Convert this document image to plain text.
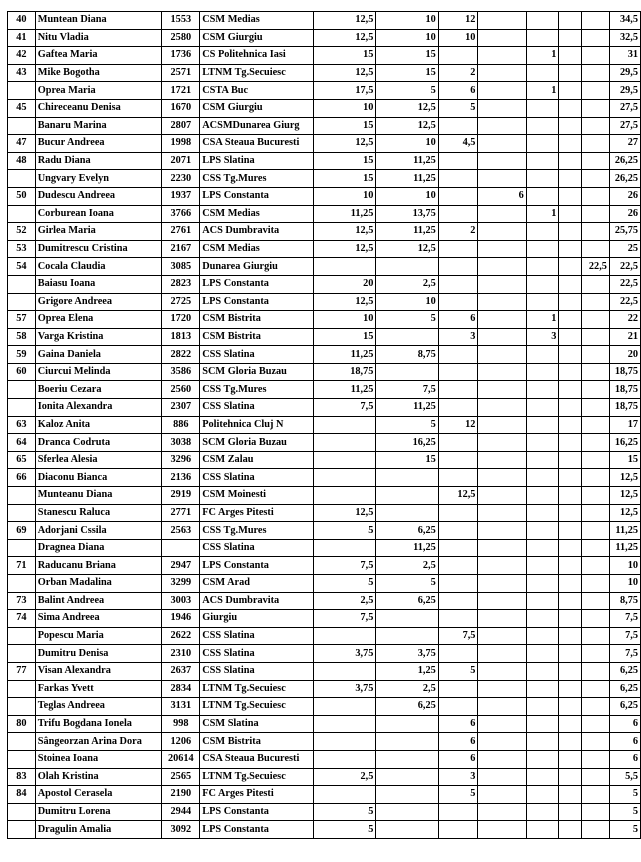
40	Muntean Diana	1553	CSM Medias	12,5	10	12					34,5
41	Nitu Vladia	2580	CSM Giurgiu	12,5	10	10					32,5
42	Gaftea Maria	1736	CS Politehnica Iasi	15	15			1			31
43	Mike Bogotha	2571	LTNM Tg.Secuiesc	12,5	15	2					29,5
	Oprea Maria	1721	CSTA Buc	17,5	5	6		1			29,5
45	Chireceanu Denisa	1670	CSM Giurgiu	10	12,5	5					27,5
	Banaru Marina	2807	ACSMDunarea Giurg	15	12,5						27,5
47	Bucur Andreea	1998	CSA Steaua Bucuresti	12,5	10	4,5					27
48	Radu Diana	2071	LPS Slatina	15	11,25						26,25
	Ungvary Evelyn	2230	CSS Tg.Mures	15	11,25						26,25
50	Dudescu Andreea	1937	LPS Constanta	10	10		6				26
	Corburean Ioana	3766	CSM Medias	11,25	13,75			1			26
52	Girlea Maria	2761	ACS Dumbravita	12,5	11,25	2					25,75
53	Dumitrescu Cristina	2167	CSM Medias	12,5	12,5						25
54	Cocala Claudia	3085	Dunarea Giurgiu							22,5	22,5
	Baiasu Ioana	2823	LPS Constanta	20	2,5						22,5
	Grigore Andreea	2725	LPS Constanta	12,5	10						22,5
57	Oprea Elena	1720	CSM Bistrita	10	5	6		1			22
58	Varga Kristina	1813	CSM Bistrita	15		3		3			21
59	Gaina Daniela	2822	CSS Slatina	11,25	8,75						20
60	Ciurcui Melinda	3586	SCM Gloria Buzau	18,75							18,75
	Boeriu Cezara	2560	CSS Tg.Mures	11,25	7,5						18,75
	Ionita Alexandra	2307	CSS Slatina	7,5	11,25						18,75
63	Kaloz Anita	886	Politehnica Cluj N		5	12					17
64	Dranca Codruta	3038	SCM Gloria Buzau		16,25						16,25
65	Sferlea Alesia	3296	CSM Zalau		15						15
66	Diaconu Bianca	2136	CSS Slatina								12,5
	Munteanu Diana	2919	CSM Moinesti			12,5					12,5
	Stanescu Raluca	2771	FC Arges Pitesti	12,5							12,5
69	Adorjani Cssila	2563	CSS Tg.Mures	5	6,25						11,25
	Dragnea Diana		CSS Slatina		11,25						11,25
71	Raducanu Briana	2947	LPS Constanta	7,5	2,5						10
	Orban Madalina	3299	CSM Arad	5	5						10
73	Balint Andreea	3003	ACS Dumbravita	2,5	6,25						8,75
74	Sima Andreea	1946	Giurgiu	7,5							7,5
	Popescu Maria	2622	CSS Slatina			7,5					7,5
	Dumitru Denisa	2310	CSS Slatina	3,75	3,75						7,5
77	Visan Alexandra	2637	CSS Slatina		1,25	5					6,25
	Farkas Yvett	2834	LTNM Tg.Secuiesc	3,75	2,5						6,25
	Teglas Andreea	3131	LTNM Tg.Secuiesc		6,25						6,25
80	Trifu Bogdana Ionela	998	CSM Slatina			6					6
	Sângeorzan Arina Dora	1206	CSM Bistrita			6					6
	Stoinea Ioana	20614	CSA Steaua Bucuresti			6					6
83	Olah Kristina	2565	LTNM Tg.Secuiesc	2,5		3					5,5
84	Apostol Cerasela	2190	FC Arges Pitesti			5					5
	Dumitru Lorena	2944	LPS Constanta	5							5
	Dragulin Amalia	3092	LPS Constanta	5							5
